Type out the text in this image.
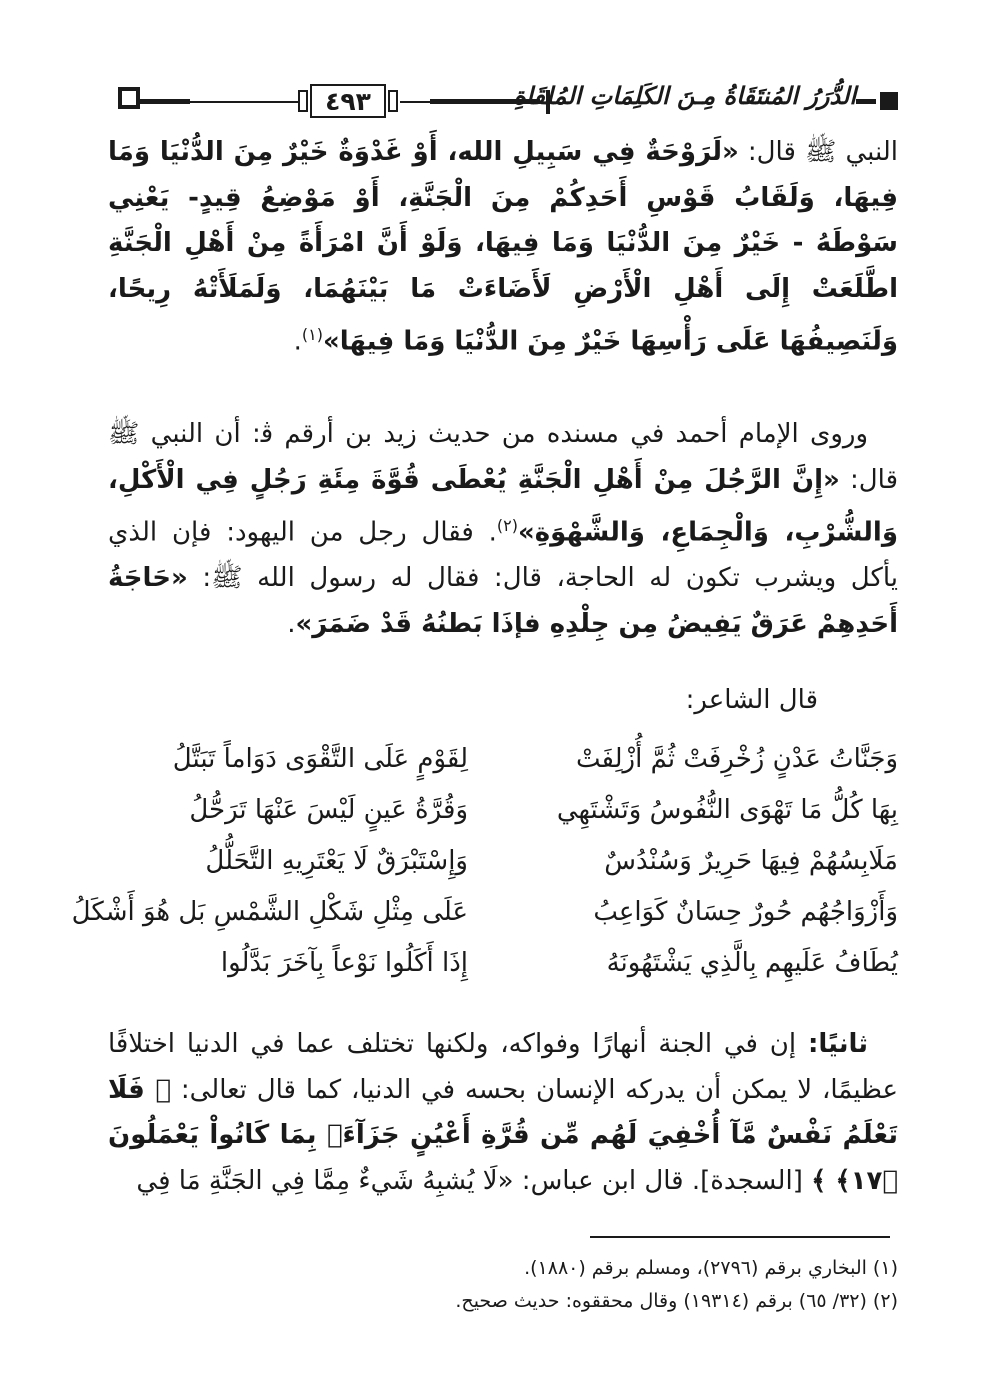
٤٩٣	الدُّرَرُ المُنتَقَاةُ مِـنَ الكَلِمَاتِ المُلقَاةِ

النبي ﷺ قال: «لَرَوْحَةٌ فِي سَبِيلِ الله، أَوْ غَدْوَةٌ خَيْرٌ مِنَ الدُّنْيَا وَمَا فِيهَا، وَلَقَابُ قَوْسِ أَحَدِكُمْ مِنَ الْجَنَّةِ، أَوْ مَوْضِعُ قِيدٍ- يَعْنِي سَوْطَهُ - خَيْرٌ مِنَ الدُّنْيَا وَمَا فِيهَا، وَلَوْ أَنَّ امْرَأَةً مِنْ أَهْلِ الْجَنَّةِ اطَّلَعَتْ إِلَى أَهْلِ الْأَرْضِ لَأَضَاءَتْ مَا بَيْنَهُمَا، وَلَمَلَأَتْهُ رِيحًا، وَلَنَصِيفُهَا عَلَى رَأْسِهَا خَيْرٌ مِنَ الدُّنْيَا وَمَا فِيهَا»$^{(١)}$.

وروى الإمام أحمد في مسنده من حديث زيد بن أرقم ﭬ: أن النبي ﷺ قال: «إِنَّ الرَّجُلَ مِنْ أَهْلِ الْجَنَّةِ يُعْطَى قُوَّةَ مِئَةِ رَجُلٍ فِي الْأَكْلِ، وَالشُّرْبِ، وَالْجِمَاعِ، وَالشَّهْوَةِ»$^{(٢)}$. فقال رجل من اليهود: فإن الذي يأكل ويشرب تكون له الحاجة، قال: فقال له رسول الله ﷺ: «حَاجَةُ أَحَدِهِمْ عَرَقٌ يَفِيضُ مِن جِلْدِهِ فإذَا بَطنُهُ قَدْ ضَمَرَ».

قال الشاعر:

وَجَنَّاتُ عَدْنٍ زُخْرِفَتْ ثُمَّ أُزْلِفَتْ
لِقَوْمٍ عَلَى التَّقْوَى دَوَاماً تَبَتَّلُ
بِهَا كُلُّ مَا تَهْوَى النُّفُوسُ وَتَشْتَهِي
وَقُرَّةُ عَينٍ لَيْسَ عَنْهَا تَرَحُّلُ
مَلَابِسُهُمْ فِيهَا حَرِيرٌ وَسُنْدُسٌ
وَإِسْتَبْرَقٌ لَا يَعْتَرِيهِ التَّحَلُّلُ
وَأَزْوَاجُهُم حُورٌ حِسَانٌ كَوَاعِبُ
عَلَى مِثْلِ شَكْلِ الشَّمْسِ بَل هُوَ أَشْكَلُ
يُطَافُ عَلَيهِم بِالَّذِي يَشْتَهُونَهُ
إِذَا أَكَلُوا نَوْعاً بِآخَرَ بَدَّلُوا

ثانيًا: إن في الجنة أنهارًا وفواكه، ولكنها تختلف عما في الدنيا اختلافًا عظيمًا، لا يمكن أن يدركه الإنسان بحسه في الدنيا، كما قال تعالى: ﴿ فَلَا تَعْلَمُ نَفْسٌ مَّآ أُخْفِيَ لَهُم مِّن قُرَّةِ أَعْيُنٍ جَزَآءَۢ بِمَا كَانُواْ يَعْمَلُونَ ﴿١٧﴾ ﴾ [السجدة]. قال ابن عباس: «لَا يُشبِهُ شَيءٌ مِمَّا فِي الجَنَّةِ مَا فِي

(١) البخاري برقم (٢٧٩٦)، ومسلم برقم (١٨٨٠).

(٢) (٣٢/ ٦٥) برقم (١٩٣١٤) وقال محققوه: حديث صحيح.
